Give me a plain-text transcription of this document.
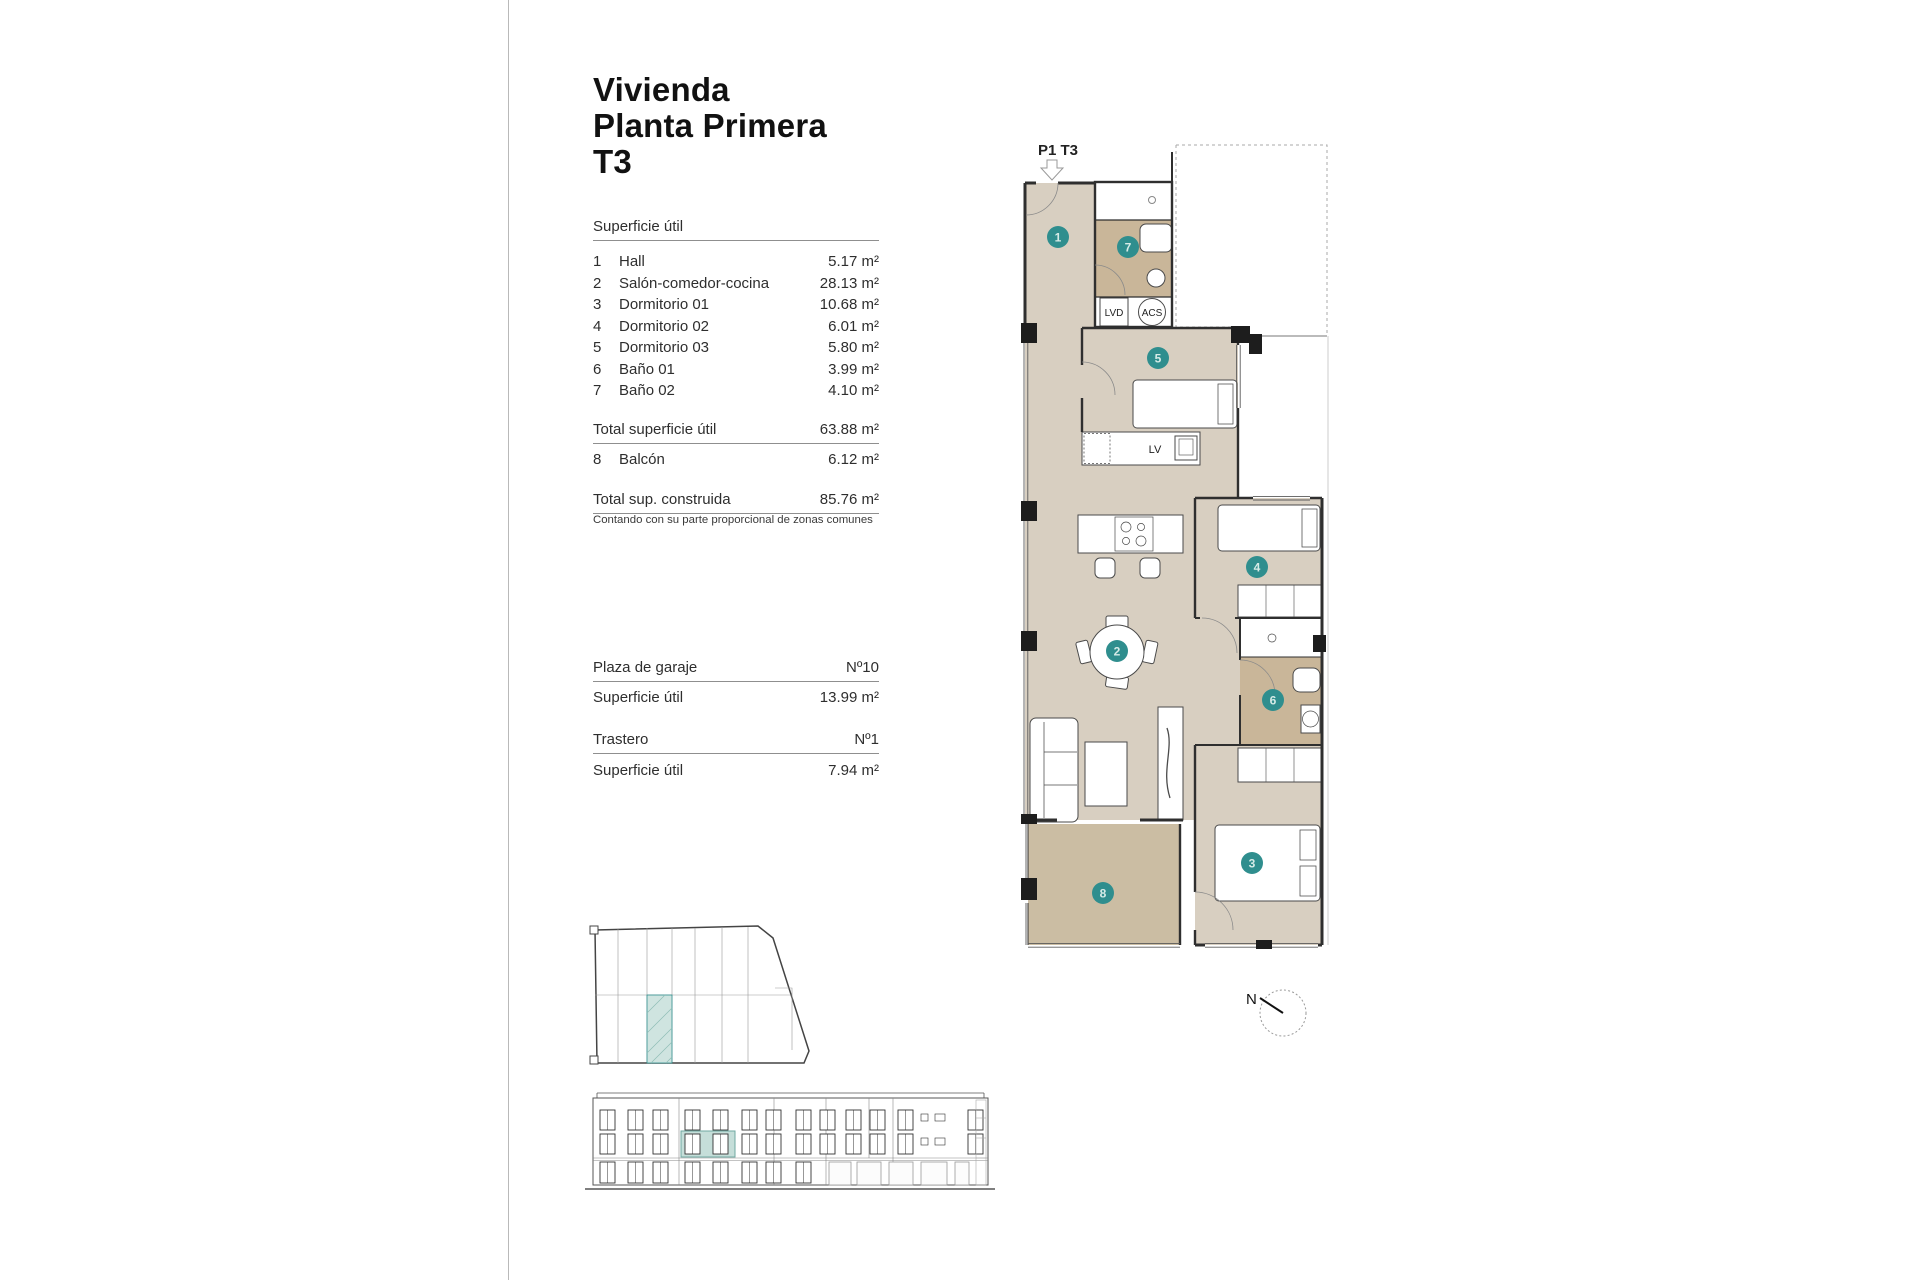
Vivienda
Planta Primera
T3
Superficie útil
1	Hall	5.17 m²
2	Salón-comedor-cocina	28.13 m²
3	Dormitorio 01	10.68 m²
4	Dormitorio 02	6.01 m²
5	Dormitorio 03	5.80 m²
6	Baño 01	3.99 m²
7	Baño 02	4.10 m²
Total superficie útil	63.88 m²
8	Balcón	6.12 m²
Total sup. construida	85.76 m²
Contando con su parte proporcional de zonas comunes
Plaza de garaje	Nº10
Superficie útil	13.99 m²
Trastero	Nº1
Superficie útil	7.94 m²
P1 T3
LVD ACS
LV
1
2
3
4
5
6
7
8
N
